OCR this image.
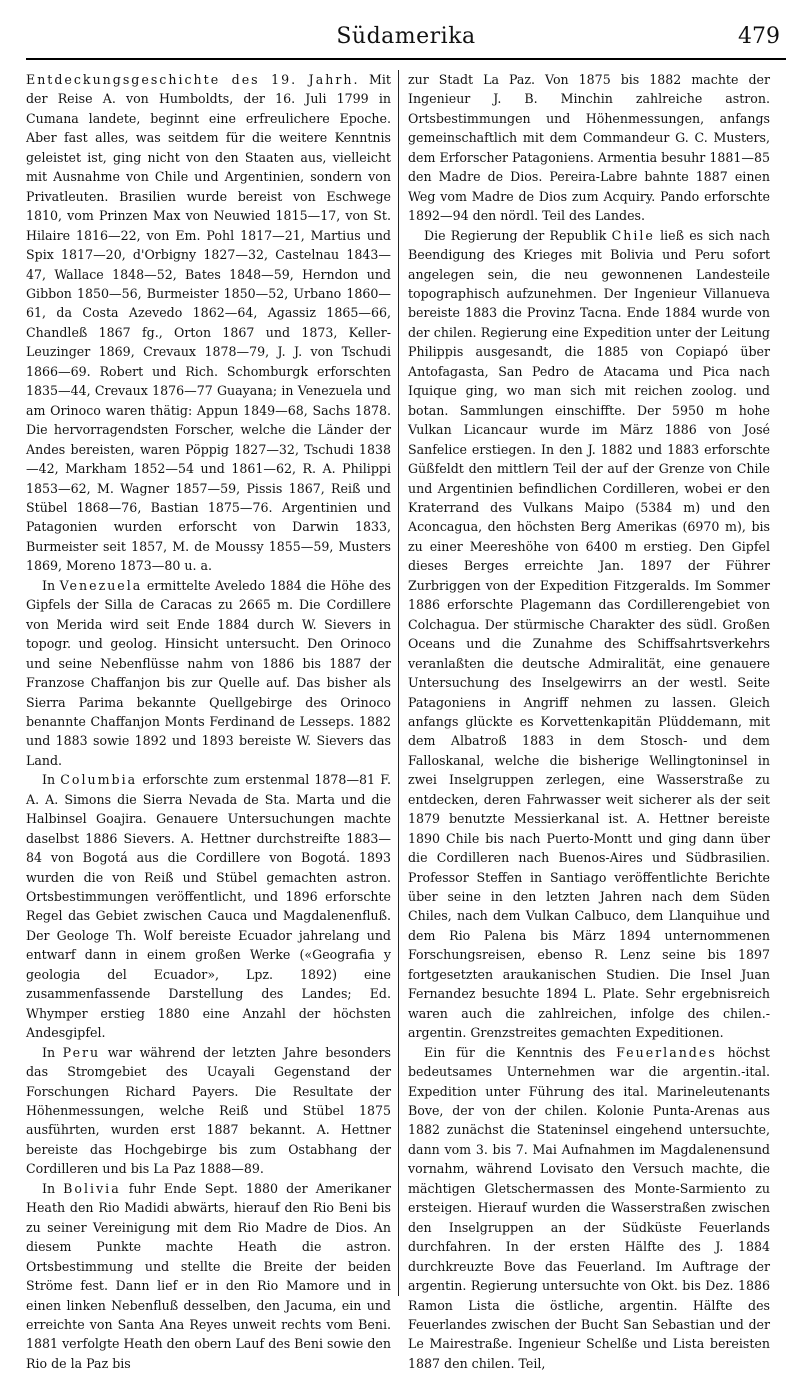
Südamerika	479

Entdeckungsgeschichte des 19. Jahrh. Mit der Reise A. von Humboldts, der 16. Juli 1799 in Cumana landete, beginnt eine erfreulichere Epoche. Aber fast alles, was seitdem für die weitere Kenntnis geleistet ist, ging nicht von den Staaten aus, vielleicht mit Ausnahme von Chile und Argentinien, sondern von Privatleuten. Brasilien wurde bereist von Eschwege 1810, vom Prinzen Max von Neuwied 1815—17, von St. Hilaire 1816—22, von Em. Pohl 1817—21, Martius und Spix 1817—20, d'Orbigny 1827—32, Castelnau 1843—47, Wallace 1848—52, Bates 1848—59, Herndon und Gibbon 1850—56, Burmeister 1850—52, Urbano 1860—61, da Costa Azevedo 1862—64, Agassiz 1865—66, Chandleß 1867 fg., Orton 1867 und 1873, Keller-Leuzinger 1869, Crevaux 1878—79, J. J. von Tschudi 1866—69. Robert und Rich. Schomburgk erforschten 1835—44, Crevaux 1876—77 Guayana; in Venezuela und am Orinoco waren thätig: Appun 1849—68, Sachs 1878. Die hervorragendsten Forscher, welche die Länder der Andes bereisten, waren Pöppig 1827—32, Tschudi 1838—42, Markham 1852—54 und 1861—62, R. A. Philippi 1853—62, M. Wagner 1857—59, Pissis 1867, Reiß und Stübel 1868—76, Bastian 1875—76. Argentinien und Patagonien wurden erforscht von Darwin 1833, Burmeister seit 1857, M. de Moussy 1855—59, Musters 1869, Moreno 1873—80 u. a.

In Venezuela ermittelte Aveledo 1884 die Höhe des Gipfels der Silla de Caracas zu 2665 m. Die Cordillere von Merida wird seit Ende 1884 durch W. Sievers in topogr. und geolog. Hinsicht untersucht. Den Orinoco und seine Nebenflüsse nahm von 1886 bis 1887 der Franzose Chaffanjon bis zur Quelle auf. Das bisher als Sierra Parima bekannte Quellgebirge des Orinoco benannte Chaffanjon Monts Ferdinand de Lesseps. 1882 und 1883 sowie 1892 und 1893 bereiste W. Sievers das Land.

In Columbia erforschte zum erstenmal 1878—81 F. A. A. Simons die Sierra Nevada de Sta. Marta und die Halbinsel Goajira. Genauere Untersuchungen machte daselbst 1886 Sievers. A. Hettner durchstreifte 1883—84 von Bogotá aus die Cordillere von Bogotá. 1893 wurden die von Reiß und Stübel gemachten astron. Ortsbestimmungen veröffentlicht, und 1896 erforschte Regel das Gebiet zwischen Cauca und Magdalenenfluß. Der Geologe Th. Wolf bereiste Ecuador jahrelang und entwarf dann in einem großen Werke («Geografia y geologia del Ecuador», Lpz. 1892) eine zusammenfassende Darstellung des Landes; Ed. Whymper erstieg 1880 eine Anzahl der höchsten Andesgipfel.

In Peru war während der letzten Jahre besonders das Stromgebiet des Ucayali Gegenstand der Forschungen Richard Payers. Die Resultate der Höhenmessungen, welche Reiß und Stübel 1875 ausführten, wurden erst 1887 bekannt. A. Hettner bereiste das Hochgebirge bis zum Ostabhang der Cordilleren und bis La Paz 1888—89.

In Bolivia fuhr Ende Sept. 1880 der Amerikaner Heath den Rio Madidi abwärts, hierauf den Rio Beni bis zu seiner Vereinigung mit dem Rio Madre de Dios. An diesem Punkte machte Heath die astron. Ortsbestimmung und stellte die Breite der beiden Ströme fest. Dann lief er in den Rio Mamore und in einen linken Nebenfluß desselben, den Jacuma, ein und erreichte von Santa Ana Reyes unweit rechts vom Beni. 1881 verfolgte Heath den obern Lauf des Beni sowie den Rio de la Paz bis

zur Stadt La Paz. Von 1875 bis 1882 machte der Ingenieur J. B. Minchin zahlreiche astron. Ortsbestimmungen und Höhenmessungen, anfangs gemeinschaftlich mit dem Commandeur G. C. Musters, dem Erforscher Patagoniens. Armentia besuhr 1881—85 den Madre de Dios. Pereira-Labre bahnte 1887 einen Weg vom Madre de Dios zum Acquiry. Pando erforschte 1892—94 den nördl. Teil des Landes.

Die Regierung der Republik Chile ließ es sich nach Beendigung des Krieges mit Bolivia und Peru sofort angelegen sein, die neu gewonnenen Landesteile topographisch aufzunehmen. Der Ingenieur Villanueva bereiste 1883 die Provinz Tacna. Ende 1884 wurde von der chilen. Regierung eine Expedition unter der Leitung Philippis ausgesandt, die 1885 von Copiapó über Antofagasta, San Pedro de Atacama und Pica nach Iquique ging, wo man sich mit reichen zoolog. und botan. Sammlungen einschiffte. Der 5950 m hohe Vulkan Licancaur wurde im März 1886 von José Sanfelice erstiegen. In den J. 1882 und 1883 erforschte Güßfeldt den mittlern Teil der auf der Grenze von Chile und Argentinien befindlichen Cordilleren, wobei er den Kraterrand des Vulkans Maipo (5384 m) und den Aconcagua, den höchsten Berg Amerikas (6970 m), bis zu einer Meereshöhe von 6400 m erstieg. Den Gipfel dieses Berges erreichte Jan. 1897 der Führer Zurbriggen von der Expedition Fitzgeralds. Im Sommer 1886 erforschte Plagemann das Cordillerengebiet von Colchagua. Der stürmische Charakter des südl. Großen Oceans und die Zunahme des Schiffsahrtsverkehrs veranlaßten die deutsche Admiralität, eine genauere Untersuchung des Inselgewirrs an der westl. Seite Patagoniens in Angriff nehmen zu lassen. Gleich anfangs glückte es Korvettenkapitän Plüddemann, mit dem Albatroß 1883 in dem Stosch- und dem Falloskanal, welche die bisherige Wellingtoninsel in zwei Inselgruppen zerlegen, eine Wasserstraße zu entdecken, deren Fahrwasser weit sicherer als der seit 1879 benutzte Messierkanal ist. A. Hettner bereiste 1890 Chile bis nach Puerto-Montt und ging dann über die Cordilleren nach Buenos-Aires und Südbrasilien. Professor Steffen in Santiago veröffentlichte Berichte über seine in den letzten Jahren nach dem Süden Chiles, nach dem Vulkan Calbuco, dem Llanquihue und dem Rio Palena bis März 1894 unternommenen Forschungsreisen, ebenso R. Lenz seine bis 1897 fortgesetzten araukanischen Studien. Die Insel Juan Fernandez besuchte 1894 L. Plate. Sehr ergebnisreich waren auch die zahlreichen, infolge des chilen.-argentin. Grenzstreites gemachten Expeditionen.

Ein für die Kenntnis des Feuerlandes höchst bedeutsames Unternehmen war die argentin.-ital. Expedition unter Führung des ital. Marineleutenants Bove, der von der chilen. Kolonie Punta-Arenas aus 1882 zunächst die Stateninsel eingehend untersuchte, dann vom 3. bis 7. Mai Aufnahmen im Magdalenensund vornahm, während Lovisato den Versuch machte, die mächtigen Gletschermassen des Monte-Sarmiento zu ersteigen. Hierauf wurden die Wasserstraßen zwischen den Inselgruppen an der Südküste Feuerlands durchfahren. In der ersten Hälfte des J. 1884 durchkreuzte Bove das Feuerland. Im Auftrage der argentin. Regierung untersuchte von Okt. bis Dez. 1886 Ramon Lista die östliche, argentin. Hälfte des Feuerlandes zwischen der Bucht San Sebastian und der Le Mairestraße. Ingenieur Schelße und Lista bereisten 1887 den chilen. Teil,
